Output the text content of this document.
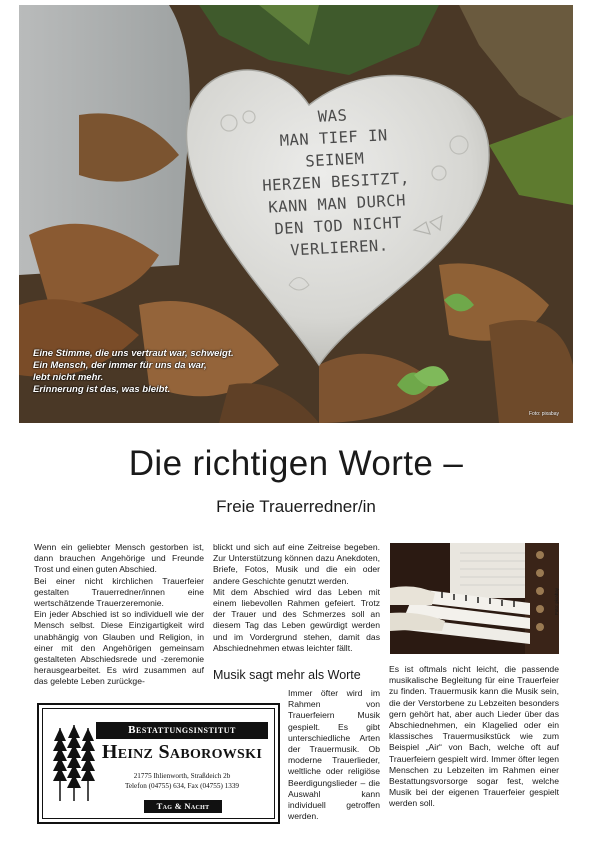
WAS
MAN TIEF IN
SEINEM
HERZEN BESITZT,
KANN MAN DURCH
DEN TOD NICHT
VERLIEREN.
Eine Stimme, die uns vertraut war, schweigt.
Ein Mensch, der immer für uns da war,
lebt nicht mehr.
Erinnerung ist das, was bleibt.
Foto: pixabay
Die richtigen Worte –
Freie Trauerredner/in

Wenn ein geliebter Mensch gestorben ist, dann brauchen Angehörige und Freunde Trost und einen guten Abschied.

Bei einer nicht kirchlichen Trauerfeier gestalten Trauerredner/innen eine wertschätzende Trauerzeremonie.

Ein jeder Abschied ist so individuell wie der Mensch selbst. Diese Einzigartigkeit wird unabhängig von Glauben und Religion, in einer mit den Angehörigen gemeinsam gestalteten Abschiedsrede und -zeremonie herausgearbeitet. Es wird zusammen auf das gelebte Leben zurückge-

blickt und sich auf eine Zeitreise begeben. Zur Unterstützung können dazu Anekdoten, Briefe, Fotos, Musik und die ein oder andere Geschichte genutzt werden.

Mit dem Abschied wird das Leben mit einem liebevollen Rahmen gefeiert. Trotz der Trauer und des Schmerzes soll an diesem Tag das Leben gewürdigt werden und im Vordergrund stehen, damit das Abschiednehmen etwas leichter fällt.

Musik sagt mehr als Worte

Immer öfter wird im Rahmen von Trauerfeiern Musik gespielt. Es gibt unterschiedliche Arten der Trauermusik. Ob moderne Trauerlieder, weltliche oder religiöse Beerdigungslieder – die Auswahl kann individuell getroffen werden.

Es ist oftmals nicht leicht, die passende musikalische Begleitung für eine Trauerfeier zu finden. Trauermusik kann die Musik sein, die der Verstorbene zu Lebzeiten besonders gern gehört hat, aber auch Lieder über das Abschiednehmen, ein Klagelied oder ein klassisches Trauermusikstück wie zum Beispiel „Air“ von Bach, welche oft auf Trauerfeiern gespielt wird. Immer öfter legen Menschen zu Lebzeiten im Rahmen einer Bestattungsvorsorge sogar fest, welche Musik bei der eigenen Trauerfeier gespielt werden soll.

Foto: pixabay
Bestattungsinstitut
Heinz Saborowski
21775 Ihlienworth, Straßdeich 2b
Telefon (04755) 634, Fax (04755) 1339
Tag & Nacht
